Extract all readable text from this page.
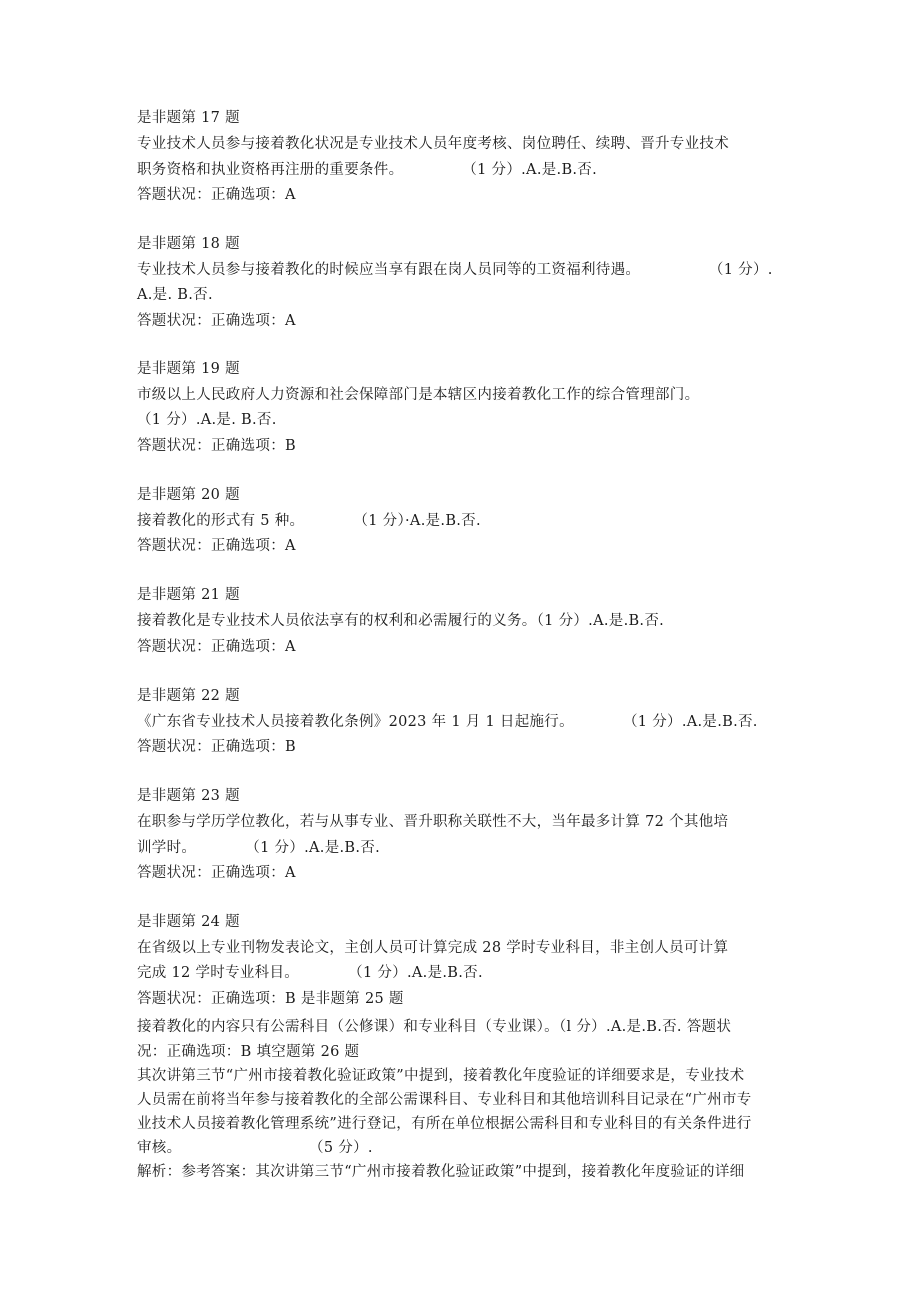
是非题第 17 题
专业技术人员参与接着教化状况是专业技术人员年度考核、岗位聘任、续聘、晋升专业技术
职务资格和执业资格再注册的重要条件。            （1 分）.A.是.B.否.
答题状况：正确选项：A
是非题第 18 题
专业技术人员参与接着教化的时候应当享有跟在岗人员同等的工资福利待遇。              （1 分）.
A.是. B.否.
答题状况：正确选项：A
是非题第 19 题
市级以上人民政府人力资源和社会保障部门是本辖区内接着教化工作的综合管理部门。
（1 分）.A.是. B.否.
答题状况：正确选项：B
是非题第 20 题
接着教化的形式有 5 种。          （1 分）·A.是.B.否.
答题状况：正确选项：A
是非题第 21 题
接着教化是专业技术人员依法享有的权利和必需履行的义务。（1 分）.A.是.B.否.
答题状况：正确选项：A
是非题第 22 题
《广东省专业技术人员接着教化条例》2023 年 1 月 1 日起施行。          （1 分）.A.是.B.否.
答题状况：正确选项：B
是非题第 23 题
在职参与学历学位教化，若与从事专业、晋升职称关联性不大，当年最多计算 72 个其他培
训学时。          （1 分）.A.是.B.否.
答题状况：正确选项：A
是非题第 24 题
在省级以上专业刊物发表论文，主创人员可计算完成 28 学时专业科目，非主创人员可计算
完成 12 学时专业科目。          （1 分）.A.是.B.否.
答题状况：正确选项：B 是非题第 25 题
接着教化的内容只有公需科目（公修课）和专业科目（专业课）。（l 分）.A.是.B.否. 答题状
况：正确选项：B 填空题第 26 题
其次讲第三节“广州市接着教化验证政策”中提到，接着教化年度验证的详细要求是，专业技术
人员需在前将当年参与接着教化的全部公需课科目、专业科目和其他培训科目记录在“广州市专
业技术人员接着教化管理系统”进行登记，有所在单位根据公需科目和专业科目的有关条件进行
审核。                          （5 分）.
解析：参考答案：其次讲第三节“广州市接着教化验证政策”中提到，接着教化年度验证的详细
